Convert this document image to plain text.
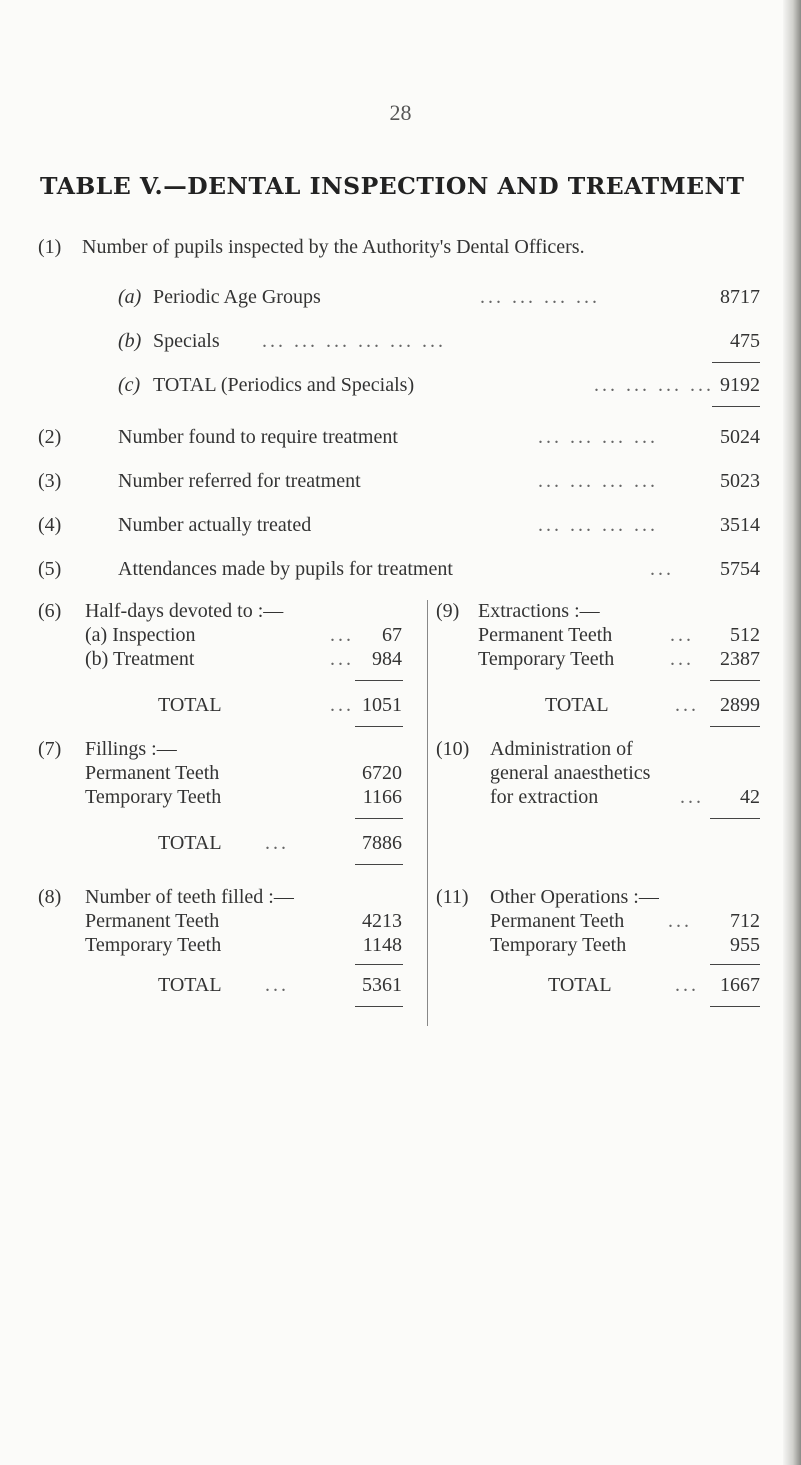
28
TABLE V.—DENTAL INSPECTION AND TREATMENT
(1) Number of pupils inspected by the Authority's Dental Officers.
(a) Periodic Age Groups	... ... ... ...	8717
(b) Specials ... ... ... ... ... ...	475
(c) TOTAL (Periodics and Specials)	... ... ... ... 9192
(2)	Number found to require treatment	... ... ... ...	5024
(3)	Number referred for treatment	... ... ... ...	5023
(4)	Number actually treated	... ... ... ...	3514
(5)	Attendances made by pupils for treatment	...	5754
(6) Half-days devoted to :—
(a) Inspection	...	67
(b) Treatment	... 984
TOTAL	... 1051
(9) Extractions :—
Permanent Teeth	...	512
Temporary Teeth	...	2387
TOTAL	...	2899
(7) Fillings :—
Permanent Teeth	6720
Temporary Teeth	1166
TOTAL ...	7886
(10) Administration of
general anaesthetics
for extraction	...	42
(8) Number of teeth filled :—
Permanent Teeth	4213
Temporary Teeth	1148
TOTAL ...	5361
(11) Other Operations :—
Permanent Teeth ...	712
Temporary Teeth	955
TOTAL	...	1667
